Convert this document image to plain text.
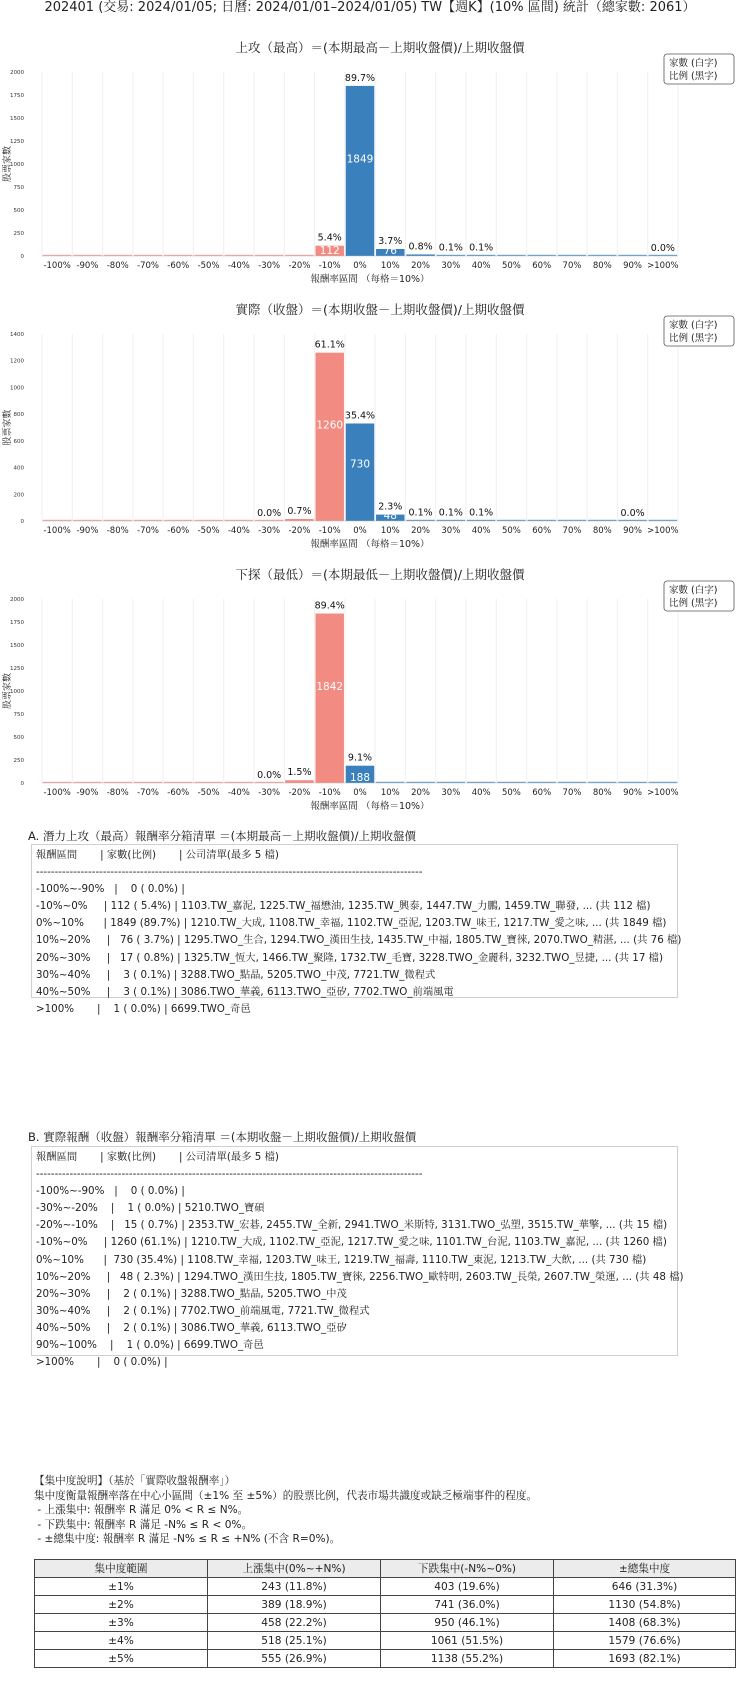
202401 (交易: 2024/01/05; 日曆: 2024/01/01–2024/01/05) TW【週K】(10% 區間) 統計（總家數: 2061）
上攻（最高）＝(本期最高－上期收盤價)/上期收盤價
0
250
500
750
1000
1250
1500
1750
2000
股票家數
5.4%
112
89.7%
1849
3.7%
76 0.8% 0.1% 0.1%	0.0%
-100% -90% -80% -70% -60% -50% -40% -30% -20% -10% 0% 10% 20% 30% 40% 50% 60% 70% 80% 90% >100%
報酬率區間 （每格＝10%）
家數 (白字)
比例 (黑字)
實際（收盤）＝(本期收盤－上期收盤價)/上期收盤價
0
200
400
600
800
1000
1200
1400
股票家數
0.0% 0.7%
61.1%
1260
35.4%
730
2.3%
48 0.1% 0.1% 0.1%	0.0%
-100% -90% -80% -70% -60% -50% -40% -30% -20% -10% 0% 10% 20% 30% 40% 50% 60% 70% 80% 90% >100%
報酬率區間 （每格＝10%）
家數 (白字)
比例 (黑字)
下探（最低）＝(本期最低－上期收盤價)/上期收盤價
0
250
500
750
1000
1250
1500
1750
2000
股票家數
0.0% 1.5%
89.4%
1842
9.1%
188
-100% -90% -80% -70% -60% -50% -40% -30% -20% -10% 0% 10% 20% 30% 40% 50% 60% 70% 80% 90% >100%
報酬率區間 （每格＝10%）
家數 (白字)
比例 (黑字)
A. 潛力上攻（最高）報酬率分箱清單 ＝(本期最高－上期收盤價)/上期收盤價
報酬區間       | 家數(比例)       | 公司清單(最多 5 檔)
--------------------------------------------------------------------------------------------------------
-100%~-90%   |    0 ( 0.0%) |
-10%~0%     | 112 ( 5.4%) | 1103.TW_嘉泥, 1225.TW_福懋油, 1235.TW_興泰, 1447.TW_力鵬, 1459.TW_聯發, ... (共 112 檔)
0%~10%      | 1849 (89.7%) | 1210.TW_大成, 1108.TW_幸福, 1102.TW_亞泥, 1203.TW_味王, 1217.TW_愛之味, ... (共 1849 檔)
10%~20%     |   76 ( 3.7%) | 1295.TWO_生合, 1294.TWO_漢田生技, 1435.TW_中福, 1805.TW_寶徠, 2070.TWO_精湛, ... (共 76 檔)
20%~30%     |   17 ( 0.8%) | 1325.TW_恆大, 1466.TW_聚隆, 1732.TW_毛寶, 3228.TWO_金麗科, 3232.TWO_昱捷, ... (共 17 檔)
30%~40%     |    3 ( 0.1%) | 3288.TWO_點晶, 5205.TWO_中茂, 7721.TW_微程式
40%~50%     |    3 ( 0.1%) | 3086.TWO_華義, 6113.TWO_亞矽, 7702.TWO_前端風電
>100%       |    1 ( 0.0%) | 6699.TWO_奇邑
B. 實際報酬（收盤）報酬率分箱清單 ＝(本期收盤－上期收盤價)/上期收盤價
報酬區間       | 家數(比例)       | 公司清單(最多 5 檔)
--------------------------------------------------------------------------------------------------------
-100%~-90%   |    0 ( 0.0%) |
-30%~-20%    |    1 ( 0.0%) | 5210.TWO_寶碩
-20%~-10%    |   15 ( 0.7%) | 2353.TW_宏碁, 2455.TW_全新, 2941.TWO_米斯特, 3131.TWO_弘塑, 3515.TW_華擎, ... (共 15 檔)
-10%~0%     | 1260 (61.1%) | 1210.TW_大成, 1102.TW_亞泥, 1217.TW_愛之味, 1101.TW_台泥, 1103.TW_嘉泥, ... (共 1260 檔)
0%~10%      |  730 (35.4%) | 1108.TW_幸福, 1203.TW_味王, 1219.TW_福壽, 1110.TW_東泥, 1213.TW_大飲, ... (共 730 檔)
10%~20%     |   48 ( 2.3%) | 1294.TWO_漢田生技, 1805.TW_寶徠, 2256.TWO_歐特明, 2603.TW_長榮, 2607.TW_榮運, ... (共 48 檔)
20%~30%     |    2 ( 0.1%) | 3288.TWO_點晶, 5205.TWO_中茂
30%~40%     |    2 ( 0.1%) | 7702.TWO_前端風電, 7721.TW_微程式
40%~50%     |    2 ( 0.1%) | 3086.TWO_華義, 6113.TWO_亞矽
90%~100%    |    1 ( 0.0%) | 6699.TWO_奇邑
>100%       |    0 ( 0.0%) |
【集中度說明】（基於「實際收盤報酬率」）
集中度衡量報酬率落在中心小區間（±1% 至 ±5%）的股票比例，代表市場共識度或缺乏極端事件的程度。
- 上漲集中: 報酬率 R 滿足 0% < R ≤ N%。
- 下跌集中: 報酬率 R 滿足 -N% ≤ R < 0%。
- ±總集中度: 報酬率 R 滿足 -N% ≤ R ≤ +N% (不含 R=0%)。
集中度範圍	上漲集中(0%~+N%)	下跌集中(-N%~0%)	±總集中度
±1%	243 (11.8%)	403 (19.6%)	646 (31.3%)
±2%	389 (18.9%)	741 (36.0%)	1130 (54.8%)
±3%	458 (22.2%)	950 (46.1%)	1408 (68.3%)
±4%	518 (25.1%)	1061 (51.5%)	1579 (76.6%)
±5%	555 (26.9%)	1138 (55.2%)	1693 (82.1%)
